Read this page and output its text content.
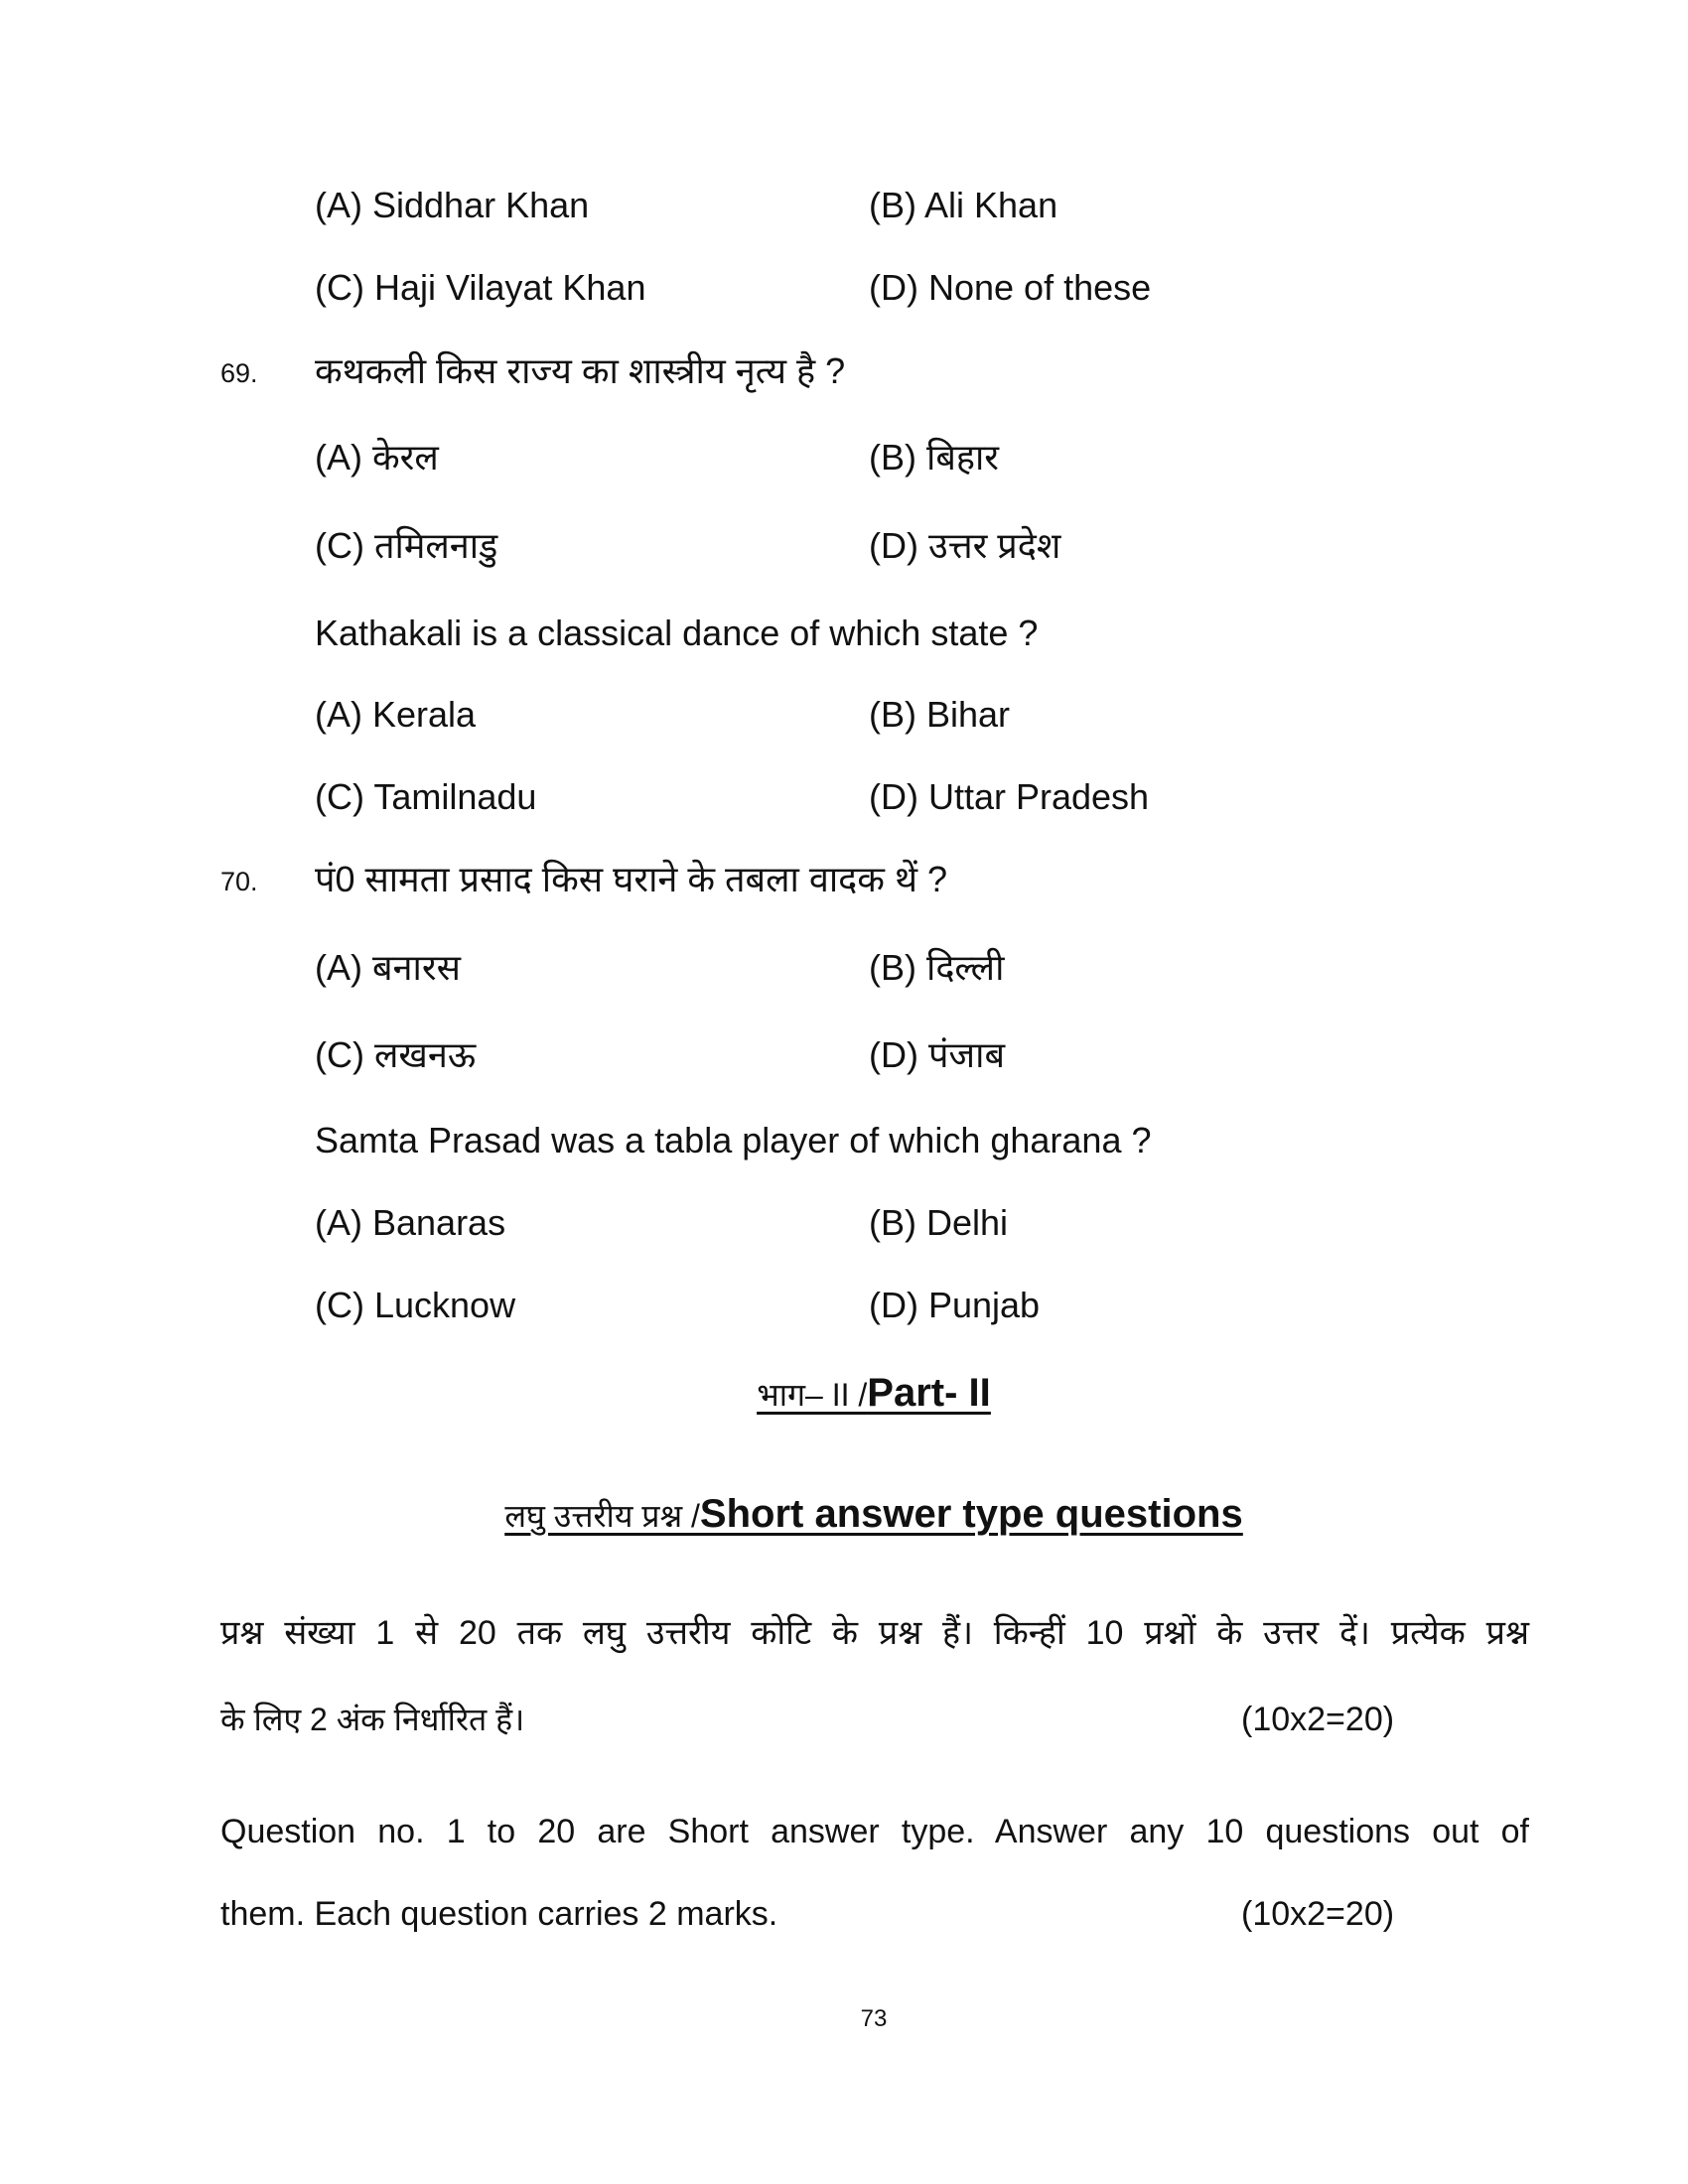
(A) Siddhar Khan	(B) Ali Khan
(C) Haji Vilayat Khan	(D) None of these
69. कथकली किस राज्य का शास्त्रीय नृत्य है ?
(A) केरल	(B) बिहार
(C) तमिलनाडु	(D) उत्तर प्रदेश
Kathakali is a classical dance of which state ?
(A) Kerala	(B) Bihar
(C) Tamilnadu	(D) Uttar Pradesh
70. पं0 सामता प्रसाद किस घराने के तबला वादक थें ?
(A) बनारस	(B) दिल्ली
(C) लखनऊ	(D) पंजाब
Samta Prasad was a tabla player of which gharana ?
(A) Banaras	(B) Delhi
(C) Lucknow	(D) Punjab
भाग– II /Part- II
लघु उत्तरीय प्रश्न /Short answer type questions
प्रश्न संख्या 1 से 20 तक लघु उत्तरीय कोटि के प्रश्न हैं। किन्हीं 10 प्रश्नों के उत्तर दें। प्रत्येक प्रश्न
के लिए 2 अंक निर्धारित हैं।	(10x2=20)
Question no. 1 to 20 are Short answer type. Answer any 10 questions out of
them. Each question carries 2 marks.	(10x2=20)
73
